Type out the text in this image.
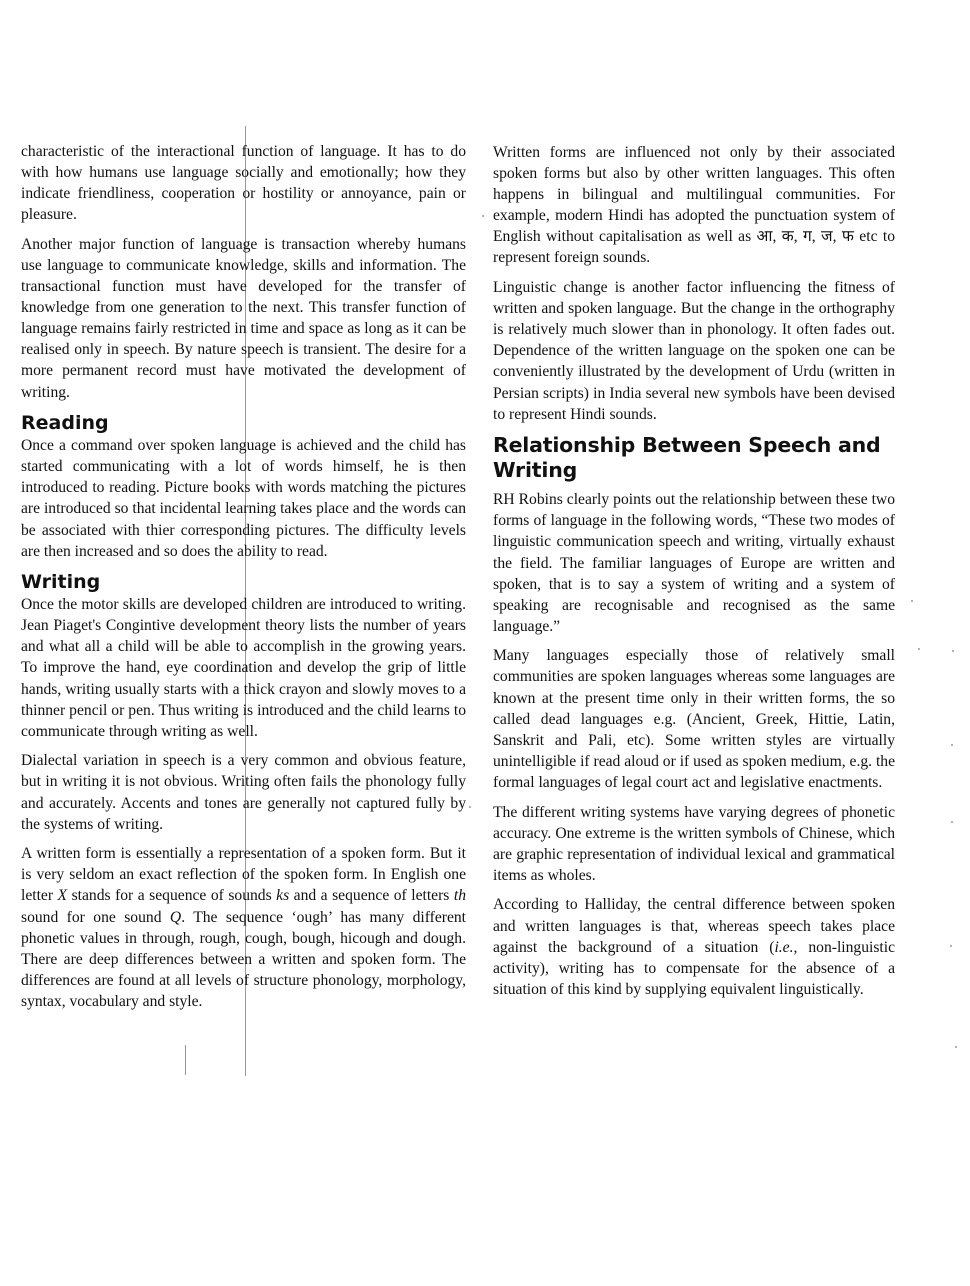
characteristic of the interactional function of language. It has to do with how humans use language socially and emotionally; how they indicate friendliness, cooperation or hostility or annoyance, pain or pleasure.

Another major function of language is transaction whereby humans use language to communicate knowledge, skills and information. The transactional function must have developed for the transfer of knowledge from one generation to the next. This transfer function of language remains fairly restricted in time and space as long as it can be realised only in speech. By nature speech is transient. The desire for a more permanent record must have motivated the development of writing.

Reading

Once a command over spoken language is achieved and the child has started communicating with a lot of words himself, he is then introduced to reading. Picture books with words matching the pictures are introduced so that incidental learning takes place and the words can be associated with thier corresponding pictures. The difficulty levels are then increased and so does the ability to read.

Writing

Once the motor skills are developed children are introduced to writing. Jean Piaget's Congintive development theory lists the number of years and what all a child will be able to accomplish in the growing years. To improve the hand, eye coordination and develop the grip of little hands, writing usually starts with a thick crayon and slowly moves to a thinner pencil or pen. Thus writing is introduced and the child learns to communicate through writing as well.

Dialectal variation in speech is a very common and obvious feature, but in writing it is not obvious. Writing often fails the phonology fully and accurately. Accents and tones are generally not captured fully by the systems of writing.

A written form is essentially a representation of a spoken form. But it is very seldom an exact reflection of the spoken form. In English one letter X stands for a sequence of sounds ks and a sequence of letters th sound for one sound Q. The sequence ‘ough’ has many different phonetic values in through, rough, cough, bough, hicough and dough. There are deep differences between a written and spoken form. The differences are found at all levels of structure phonology, morphology, syntax, vocabulary and style.

Written forms are influenced not only by their associated spoken forms but also by other written languages. This often happens in bilingual and multilingual communities. For example, modern Hindi has adopted the punctuation system of English without capitalisation as well as आ, क, ग, ज, फ etc to represent foreign sounds.

Linguistic change is another factor influencing the fitness of written and spoken language. But the change in the orthography is relatively much slower than in phonology. It often fades out. Dependence of the written language on the spoken one can be conveniently illustrated by the development of Urdu (written in Persian scripts) in India several new symbols have been devised to represent Hindi sounds.

Relationship Between Speech and Writing

RH Robins clearly points out the relationship between these two forms of language in the following words, “These two modes of linguistic communication speech and writing, virtually exhaust the field. The familiar languages of Europe are written and spoken, that is to say a system of writing and a system of speaking are recognisable and recognised as the same language.”

Many languages especially those of relatively small communities are spoken languages whereas some languages are known at the present time only in their written forms, the so called dead languages e.g. (Ancient, Greek, Hittie, Latin, Sanskrit and Pali, etc). Some written styles are virtually unintelligible if read aloud or if used as spoken medium, e.g. the formal languages of legal court act and legislative enactments.

The different writing systems have varying degrees of phonetic accuracy. One extreme is the written symbols of Chinese, which are graphic representation of individual lexical and grammatical items as wholes.

According to Halliday, the central difference between spoken and written languages is that, whereas speech takes place against the background of a situation (i.e., non-linguistic activity), writing has to compensate for the absence of a situation of this kind by supplying equivalent linguistically.
